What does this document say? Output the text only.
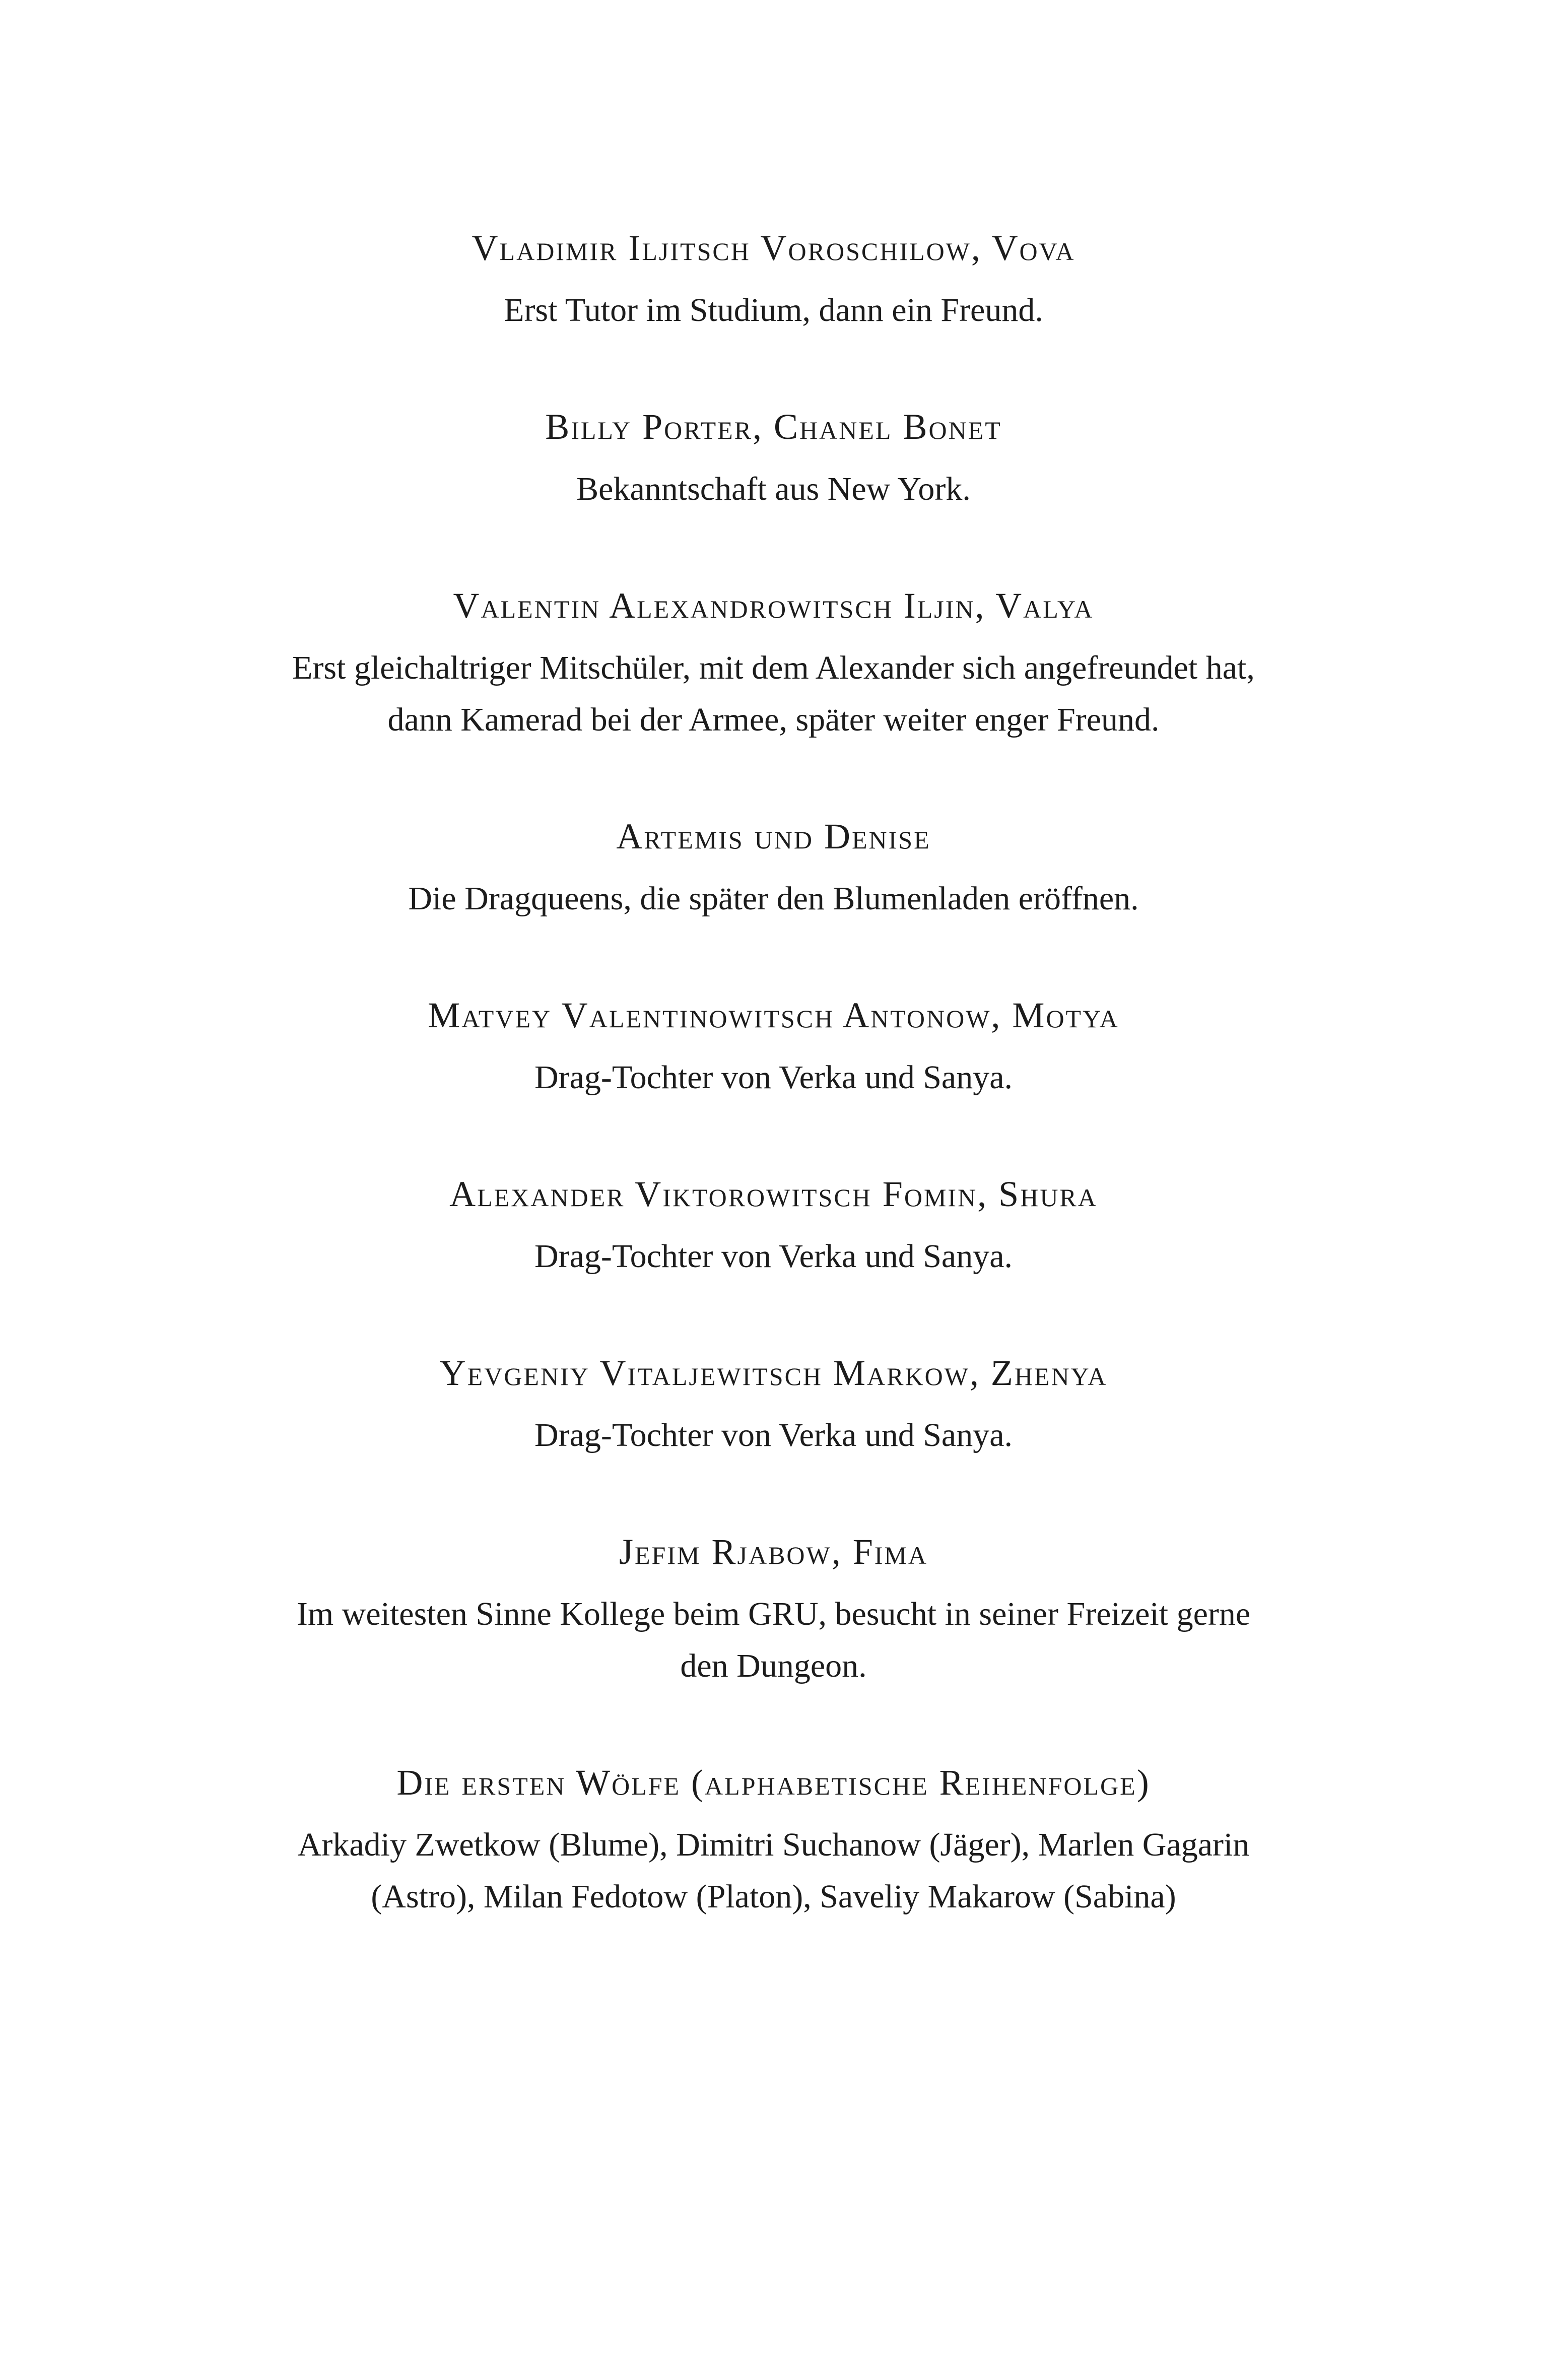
Vladimir Iljitsch Voroschilow, Vova
Erst Tutor im Studium, dann ein Freund.
Billy Porter, Chanel Bonet
Bekanntschaft aus New York.
Valentin Alexandrowitsch Iljin, Valya
Erst gleichaltriger Mitschüler, mit dem Alexander sich angefreundet hat,
dann Kamerad bei der Armee, später weiter enger Freund.
Artemis und Denise
Die Dragqueens, die später den Blumenladen eröffnen.
Matvey Valentinowitsch Antonow, Motya
Drag-Tochter von Verka und Sanya.
Alexander Viktorowitsch Fomin, Shura
Drag-Tochter von Verka und Sanya.
Yevgeniy Vitaljewitsch Markow, Zhenya
Drag-Tochter von Verka und Sanya.
Jefim Rjabow, Fima
Im weitesten Sinne Kollege beim GRU, besucht in seiner Freizeit gerne
den Dungeon.
Die ersten Wölfe (alphabetische Reihenfolge)
Arkadiy Zwetkow (Blume), Dimitri Suchanow (Jäger), Marlen Gagarin
(Astro), Milan Fedotow (Platon), Saveliy Makarow (Sabina)
